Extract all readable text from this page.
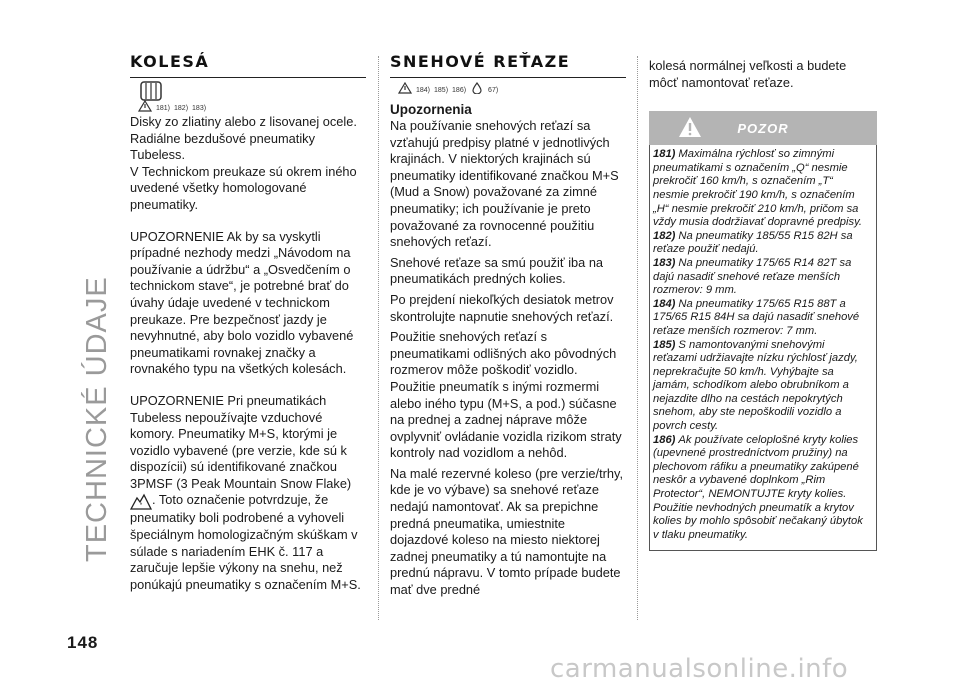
TECHNICKÉ ÚDAJE
KOLESÁ
181) 182) 183)

Disky zo zliatiny alebo z lisovanej ocele. Radiálne bezdušové pneumatiky Tubeless.

V Technickom preukaze sú okrem iného uvedené všetky homologované pneumatiky.

UPOZORNENIE Ak by sa vyskytli prípadné nezhody medzi „Návodom na používanie a údržbu“ a „Osvedčením o technickom stave“, je potrebné brať do úvahy údaje uvedené v technickom preukaze. Pre bezpečnosť jazdy je nevyhnutné, aby bolo vozidlo vybavené pneumatikami rovnakej značky a rovnakého typu na všetkých kolesách.

UPOZORNENIE Pri pneumatikách Tubeless nepoužívajte vzduchové komory. Pneumatiky M+S, ktorými je vozidlo vybavené (pre verzie, kde sú k dispozícii) sú identifikované značkou 3PMSF (3 Peak Mountain Snow Flake)

* . Toto označenie potvrdzuje, že pneumatiky boli podrobené a vyhoveli špeciálnym homologizačným skúškam v súlade s nariadením EHK č. 117 a zaručuje lepšie výkony na snehu, než ponúkajú pneumatiky s označením M+S.

SNEHOVÉ REŤAZE
184) 185) 186)	67)
Upozornenia

Na používanie snehových reťazí sa vzťahujú predpisy platné v jednotlivých krajinách. V niektorých krajinách sú pneumatiky identifikované značkou M+S (Mud a Snow) považované za zimné pneumatiky; ich používanie je preto považované za rovnocenné použitiu snehových reťazí.

Snehové reťaze sa smú použiť iba na pneumatikách predných kolies.

Po prejdení niekoľkých desiatok metrov skontrolujte napnutie snehových reťazí.

Použitie snehových reťazí s pneumatikami odlišných ako pôvodných rozmerov môže poškodiť vozidlo. Použitie pneumatík s inými rozmermi alebo iného typu (M+S, a pod.) súčasne na prednej a zadnej náprave môže ovplyvniť ovládanie vozidla rizikom straty kontroly nad vozidlom a nehôd.

Na malé rezervné koleso (pre verzie/trhy, kde je vo výbave) sa snehové reťaze nedajú namontovať. Ak sa prepichne predná pneumatika, umiestnite dojazdové koleso na miesto niektorej zadnej pneumatiky a tú namontujte na prednú nápravu. V tomto prípade budete mať dve predné

kolesá normálnej veľkosti a budete môcť namontovať reťaze.

POZOR

181) Maximálna rýchlosť so zimnými pneumatikami s označením „Q“ nesmie prekročiť 160 km/h, s označením „T“ nesmie prekročiť 190 km/h, s označením „H“ nesmie prekročiť 210 km/h, pričom sa vždy musia dodržiavať dopravné predpisy.

182) Na pneumatiky 185/55 R15 82H sa reťaze použiť nedajú.

183) Na pneumatiky 175/65 R14 82T sa dajú nasadiť snehové reťaze menších rozmerov: 9 mm.

184) Na pneumatiky 175/65 R15 88T a 175/65 R15 84H sa dajú nasadiť snehové reťaze menších rozmerov: 7 mm.

185) S namontovanými snehovými reťazami udržiavajte nízku rýchlosť jazdy, neprekračujte 50 km/h. Vyhýbajte sa jamám, schodíkom alebo obrubníkom a nejazdite dlho na cestách nepokrytých snehom, aby ste nepoškodili vozidlo a povrch cesty.

186) Ak používate celoplošné kryty kolies (upevnené prostredníctvom pružiny) na plechovom ráfiku a pneumatiky zakúpené neskôr a vybavené doplnkom „Rim Protector“, NEMONTUJTE kryty kolies. Použitie nevhodných pneumatík a krytov kolies by mohlo spôsobiť nečakaný úbytok v tlaku pneumatiky.

148
carmanualsonline.info
